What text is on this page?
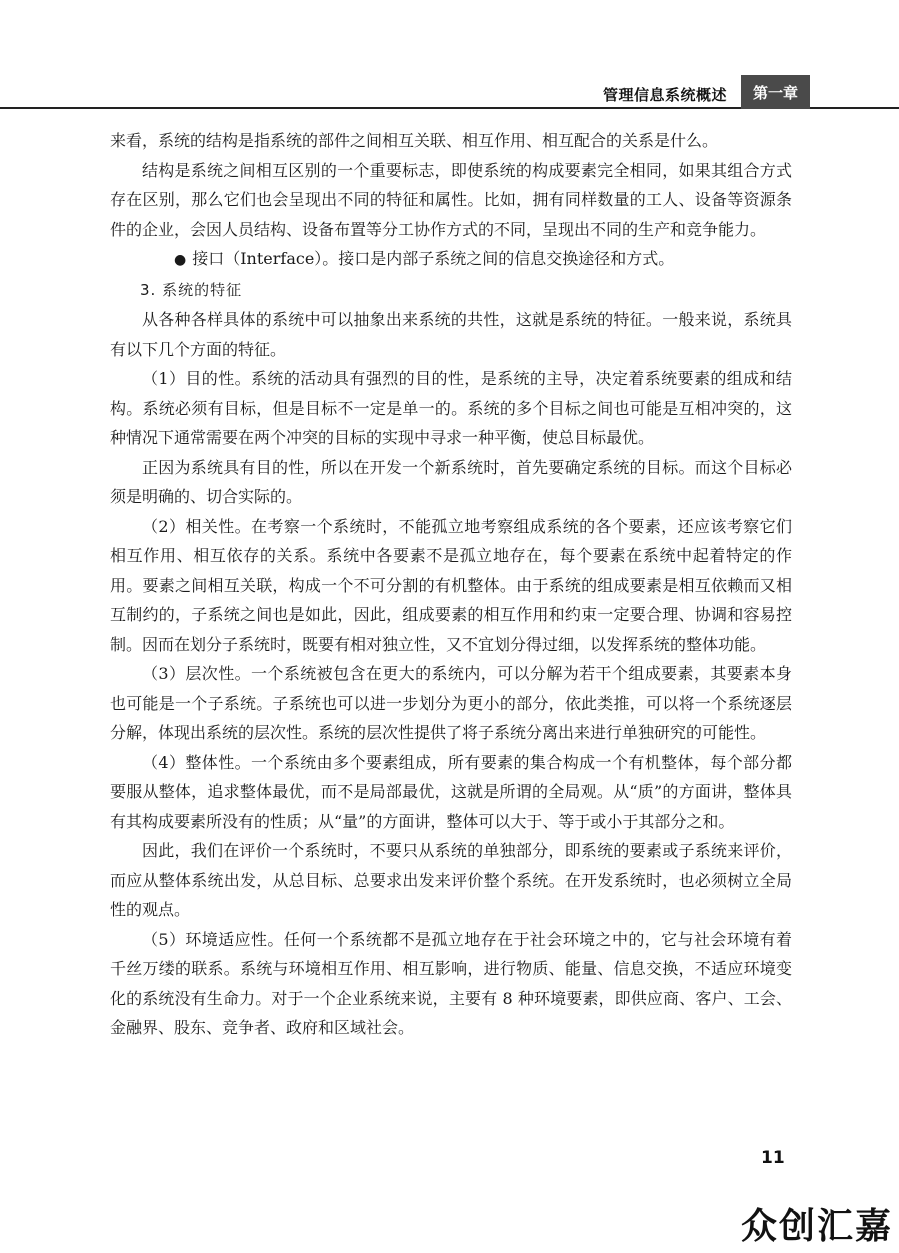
管理信息系统概述	第一章

来看，系统的结构是指系统的部件之间相互关联、相互作用、相互配合的关系是什么。

结构是系统之间相互区别的一个重要标志，即使系统的构成要素完全相同，如果其组合方式存在区别，那么它们也会呈现出不同的特征和属性。比如，拥有同样数量的工人、设备等资源条件的企业，会因人员结构、设备布置等分工协作方式的不同，呈现出不同的生产和竞争能力。

● 接口（Interface）。接口是内部子系统之间的信息交换途径和方式。

3. 系统的特征

从各种各样具体的系统中可以抽象出来系统的共性，这就是系统的特征。一般来说，系统具有以下几个方面的特征。

（1）目的性。系统的活动具有强烈的目的性，是系统的主导，决定着系统要素的组成和结构。系统必须有目标，但是目标不一定是单一的。系统的多个目标之间也可能是互相冲突的，这种情况下通常需要在两个冲突的目标的实现中寻求一种平衡，使总目标最优。

正因为系统具有目的性，所以在开发一个新系统时，首先要确定系统的目标。而这个目标必须是明确的、切合实际的。

（2）相关性。在考察一个系统时，不能孤立地考察组成系统的各个要素，还应该考察它们相互作用、相互依存的关系。系统中各要素不是孤立地存在，每个要素在系统中起着特定的作用。要素之间相互关联，构成一个不可分割的有机整体。由于系统的组成要素是相互依赖而又相互制约的，子系统之间也是如此，因此，组成要素的相互作用和约束一定要合理、协调和容易控制。因而在划分子系统时，既要有相对独立性，又不宜划分得过细，以发挥系统的整体功能。

（3）层次性。一个系统被包含在更大的系统内，可以分解为若干个组成要素，其要素本身也可能是一个子系统。子系统也可以进一步划分为更小的部分，依此类推，可以将一个系统逐层分解，体现出系统的层次性。系统的层次性提供了将子系统分离出来进行单独研究的可能性。

（4）整体性。一个系统由多个要素组成，所有要素的集合构成一个有机整体，每个部分都要服从整体，追求整体最优，而不是局部最优，这就是所谓的全局观。从“质”的方面讲，整体具有其构成要素所没有的性质；从“量”的方面讲，整体可以大于、等于或小于其部分之和。

因此，我们在评价一个系统时，不要只从系统的单独部分，即系统的要素或子系统来评价，而应从整体系统出发，从总目标、总要求出发来评价整个系统。在开发系统时，也必须树立全局性的观点。

（5）环境适应性。任何一个系统都不是孤立地存在于社会环境之中的，它与社会环境有着千丝万缕的联系。系统与环境相互作用、相互影响，进行物质、能量、信息交换，不适应环境变化的系统没有生命力。对于一个企业系统来说，主要有 8 种环境要素，即供应商、客户、工会、金融界、股东、竞争者、政府和区域社会。

11
众创汇嘉
